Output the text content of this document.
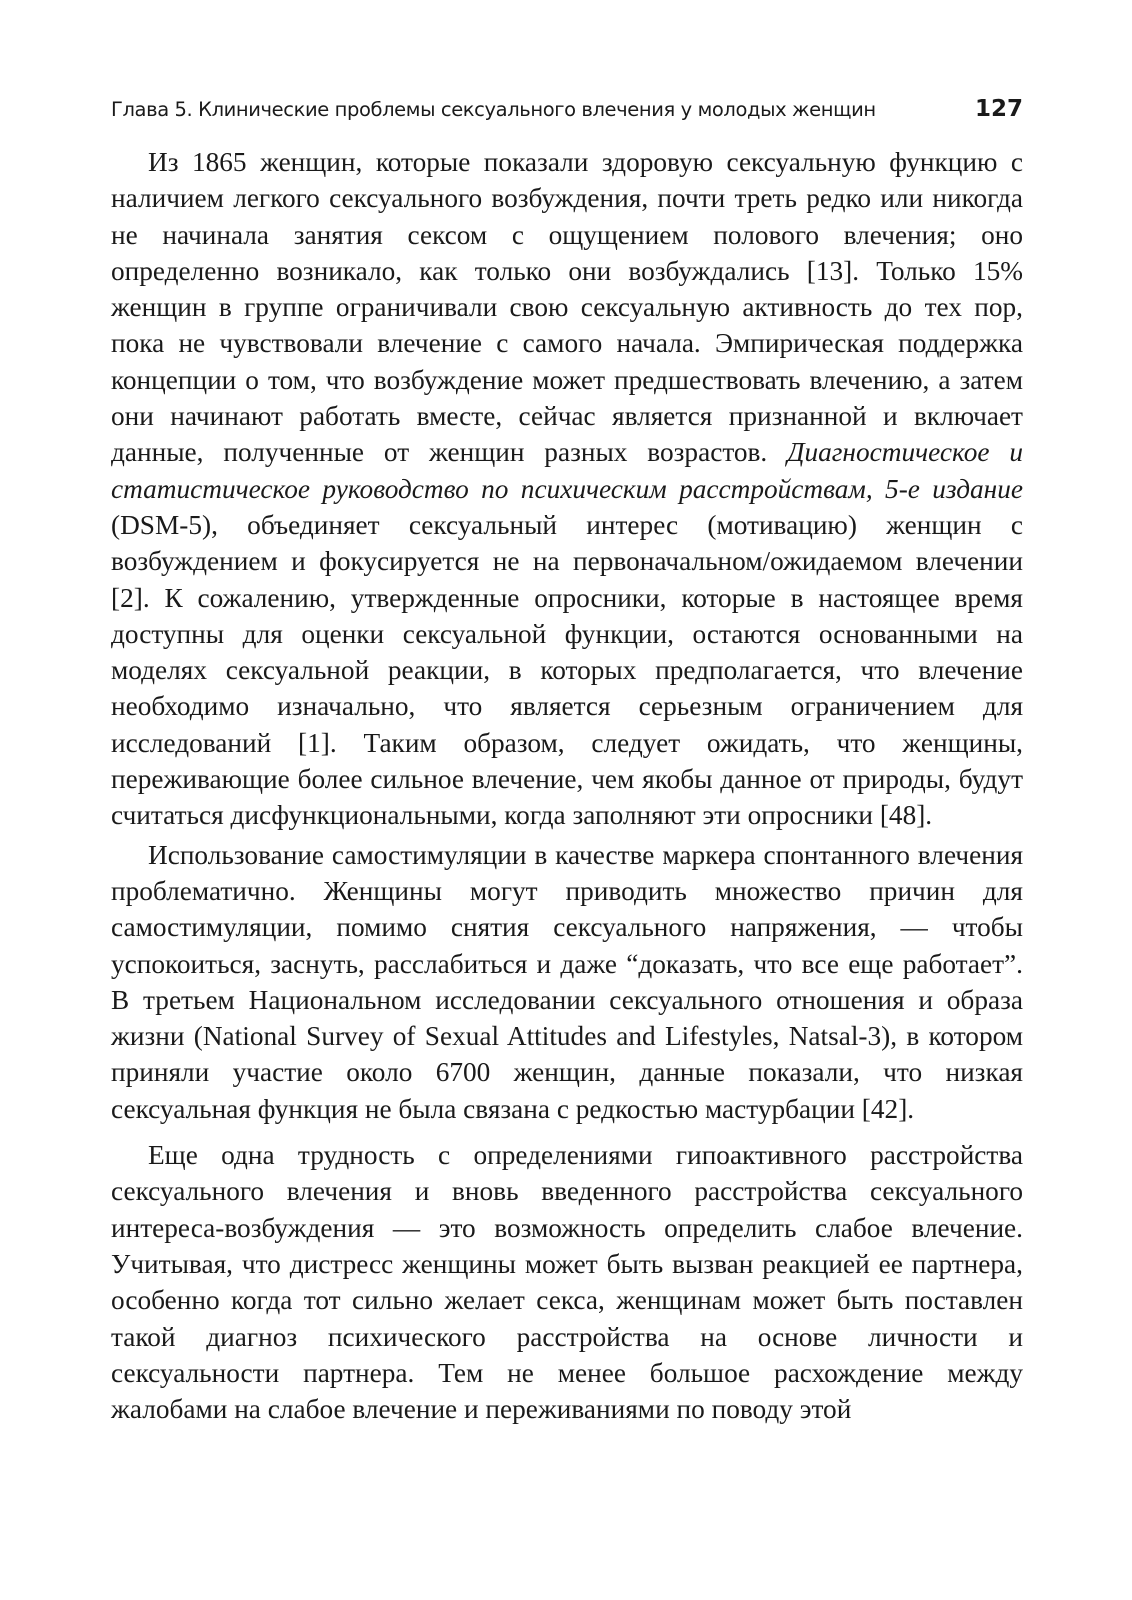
Глава 5. Клинические проблемы сексуального влечения у молодых женщин	127

Из 1865 женщин, которые показали здоровую сексуальную функцию с наличием легкого сексуального возбуждения, почти треть редко или никогда не начинала занятия сексом с ощущением полового влечения; оно определенно возникало, как только они возбуждались [13]. Только 15% женщин в группе ограничивали свою сексуальную активность до тех пор, пока не чувствовали влечение с самого начала. Эмпирическая поддержка концепции о том, что возбуждение может предшествовать влечению, а затем они начинают работать вместе, сейчас является признанной и включает данные, полученные от женщин разных возрастов. Диагностическое и статистическое руководство по психическим расстройствам, 5-е издание (DSM-5), объединяет сексуальный интерес (мотивацию) женщин с возбуждением и фокусируется не на первоначальном/ожидаемом влечении [2]. К сожалению, утвержденные опросники, которые в настоящее время доступны для оценки сексуальной функции, остаются основанными на моделях сексуальной реакции, в которых предполагается, что влечение необходимо изначально, что является серьезным ограничением для исследований [1]. Таким образом, следует ожидать, что женщины, переживающие более сильное влечение, чем якобы данное от природы, будут считаться дисфункциональными, когда заполняют эти опросники [48].

Использование самостимуляции в качестве маркера спонтанного влечения проблематично. Женщины могут приводить множество причин для самостимуляции, помимо снятия сексуального напряжения, — чтобы успокоиться, заснуть, расслабиться и даже “доказать, что все еще работает”. В третьем Национальном исследовании сексуального отношения и образа жизни (National Survey of Sexual Attitudes and Lifestyles, Natsal-3), в котором приняли участие около 6700 женщин, данные показали, что низкая сексуальная функция не была связана с редкостью мастурбации [42].

Еще одна трудность с определениями гипоактивного расстройства сексуального влечения и вновь введенного расстройства сексуального интереса-возбуждения — это возможность определить слабое влечение. Учитывая, что дистресс женщины может быть вызван реакцией ее партнера, особенно когда тот сильно желает секса, женщинам может быть поставлен такой диагноз психического расстройства на основе личности и сексуальности партнера. Тем не менее большое расхождение между жалобами на слабое влечение и переживаниями по поводу этой
